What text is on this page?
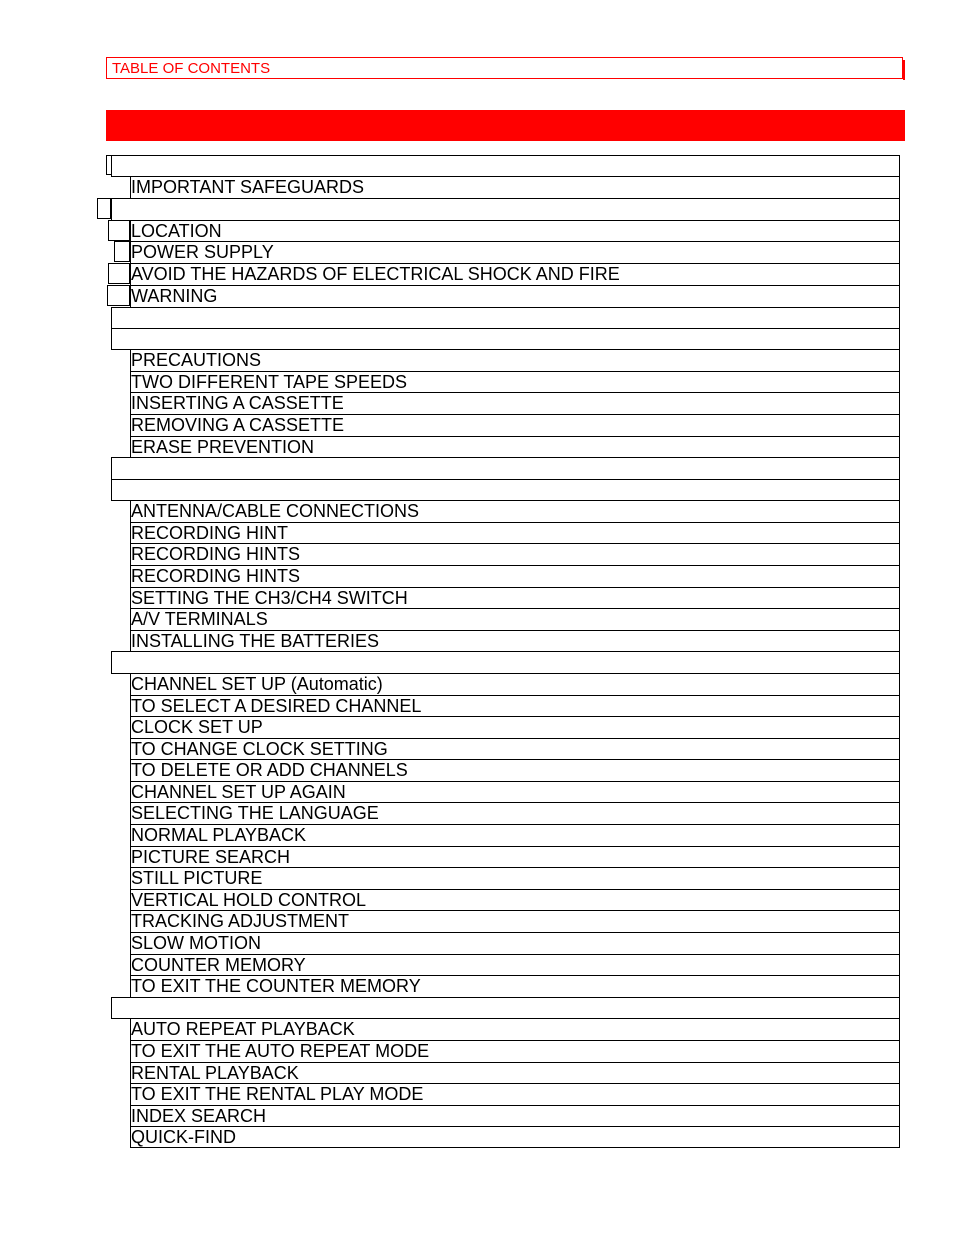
TABLE OF CONTENTS
IMPORTANT SAFEGUARDS
LOCATION
POWER SUPPLY
AVOID THE HAZARDS OF ELECTRICAL SHOCK AND FIRE
WARNING
PRECAUTIONS
TWO DIFFERENT TAPE SPEEDS
INSERTING A CASSETTE
REMOVING A CASSETTE
ERASE PREVENTION
ANTENNA/CABLE CONNECTIONS
RECORDING HINT
RECORDING HINTS
RECORDING HINTS
SETTING THE CH3/CH4 SWITCH
A/V TERMINALS
INSTALLING THE BATTERIES
CHANNEL SET UP (Automatic)
TO SELECT A DESIRED CHANNEL
CLOCK SET UP
TO CHANGE CLOCK SETTING
TO DELETE OR ADD CHANNELS
CHANNEL SET UP AGAIN
SELECTING THE LANGUAGE
NORMAL PLAYBACK
PICTURE SEARCH
STILL PICTURE
VERTICAL HOLD CONTROL
TRACKING ADJUSTMENT
SLOW MOTION
COUNTER MEMORY
TO EXIT THE COUNTER MEMORY
AUTO REPEAT PLAYBACK
TO EXIT THE AUTO REPEAT MODE
RENTAL PLAYBACK
TO EXIT THE RENTAL PLAY MODE
INDEX SEARCH
QUICK-FIND
